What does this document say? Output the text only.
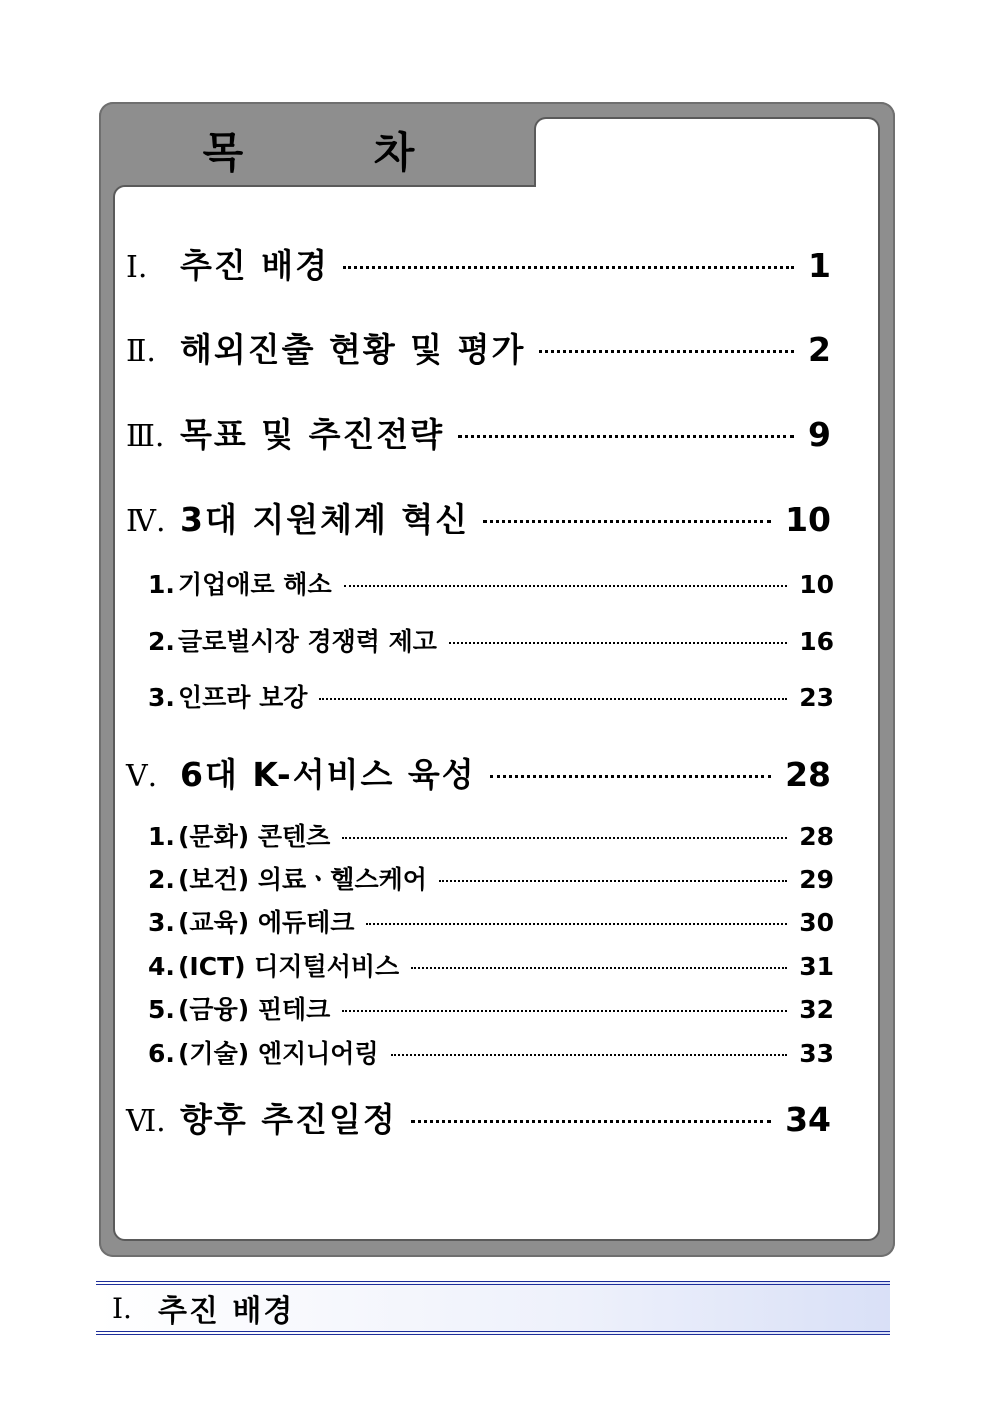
목 차
Ⅰ. 추진 배경	1
Ⅱ. 해외진출 현황 및 평가	2
Ⅲ. 목표 및 추진전략	9
Ⅳ. 3대 지원체계 혁신	10
1. 기업애로 해소	10
2. 글로벌시장 경쟁력 제고	16
3. 인프라 보강	23
Ⅴ. 6대 K-서비스 육성	28
1. (문화) 콘텐츠	28
2. (보건) 의료ㆍ헬스케어	29
3. (교육) 에듀테크	30
4. (ICT) 디지털서비스	31
5. (금융) 핀테크	32
6. (기술) 엔지니어링	33
Ⅵ. 향후 추진일정	34
Ⅰ. 추진 배경
